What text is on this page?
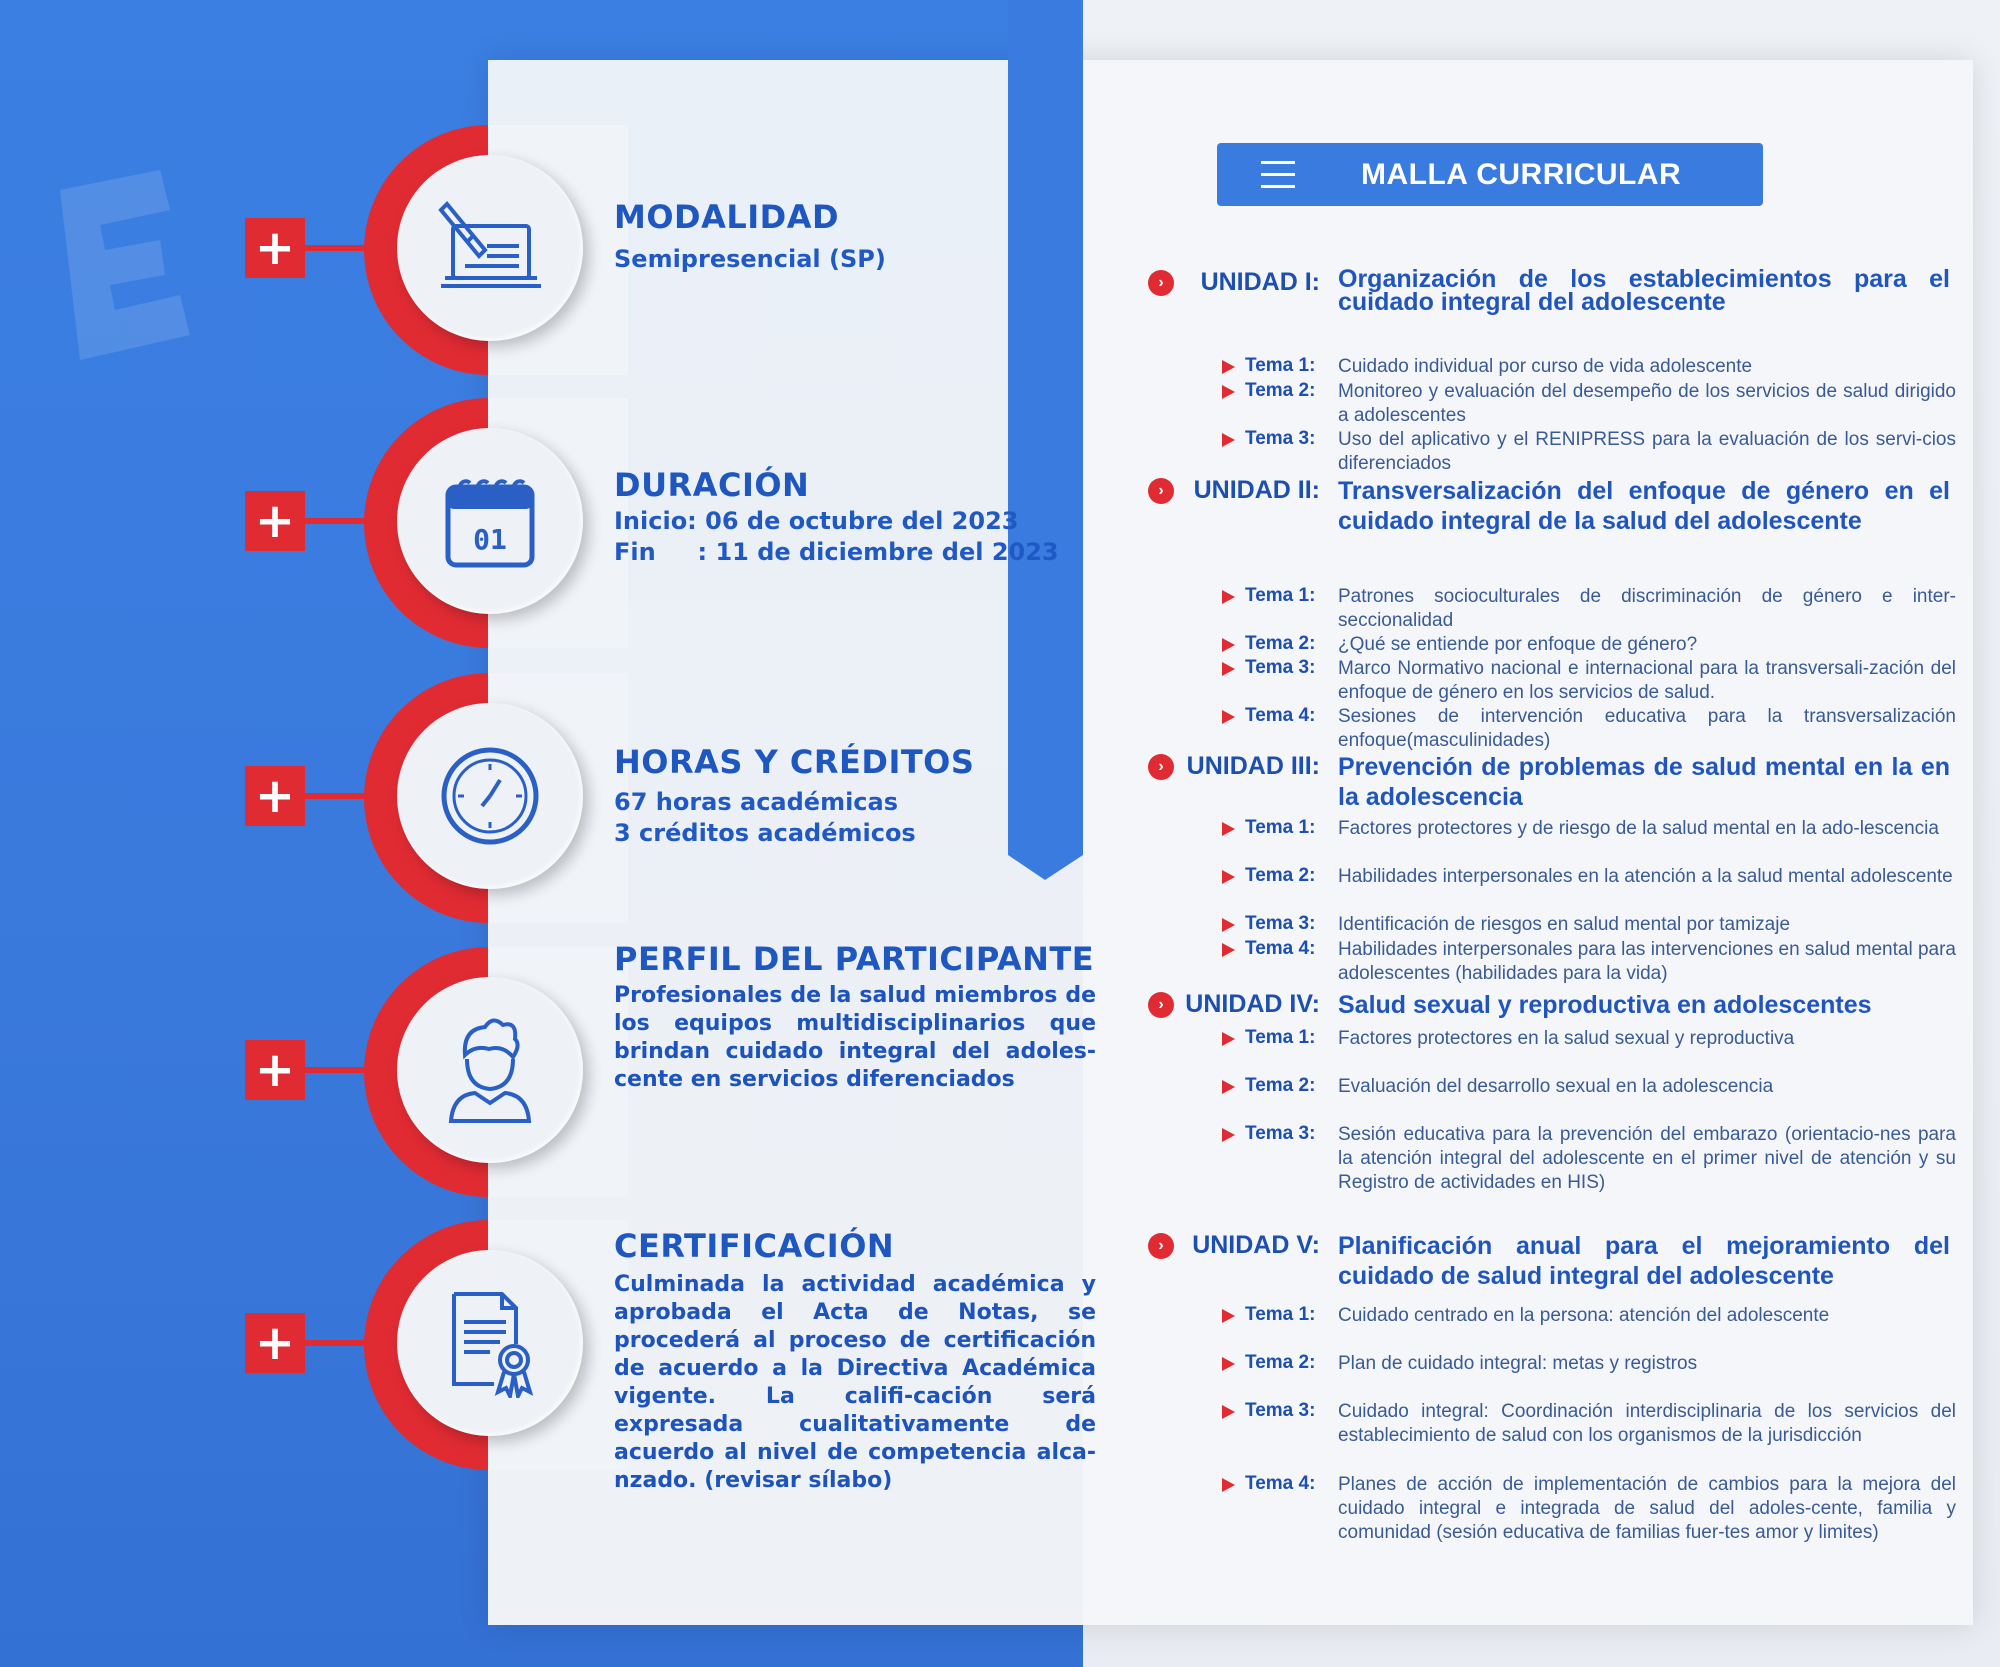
+
MODALIDAD
Semipresencial (SP)
+	01
DURACIÓN
Inicio: 06 de octubre del 2023
Fin     : 11 de diciembre del 2023
+
HORAS Y CRÉDITOS
67 horas académicas
3 créditos académicos
+
PERFIL DEL PARTICIPANTE
Profesionales de la salud miembros de los equipos multidisciplinarios que brindan cuidado integral del adoles-cente en servicios diferenciados
+
CERTIFICACIÓN
Culminada la actividad académica y aprobada el Acta de Notas, se procederá al proceso de certificación de acuerdo a la Directiva Académica vigente. La califi-cación será expresada cualitativamente de acuerdo al nivel de competencia alca-nzado. (revisar sílabo)
MALLA CURRICULAR
›	UNIDAD I: Organización de los establecimientos para el cuidado integral del adolescente
Tema 1: Cuidado individual por curso de vida adolescente
Tema 2: Monitoreo y evaluación del desempeño de los servicios de salud dirigido a adolescentes
Tema 3: Uso del aplicativo y el RENIPRESS para la evaluación de los servi-cios diferenciados
›	UNIDAD II: Transversalización del enfoque de género en el cuidado integral de la salud del adolescente
Tema 1: Patrones socioculturales de discriminación de género e inter-seccionalidad
Tema 2: ¿Qué se entiende por enfoque de género?
Tema 3: Marco Normativo nacional e internacional para la transversali-zación del enfoque de género en los servicios de salud.
Tema 4: Sesiones de intervención educativa para la transversalización enfoque(masculinidades)
› UNIDAD III: Prevención de problemas de salud mental en la en la adolescencia
Tema 1: Factores protectores y de riesgo de la salud mental en la ado-lescencia
Tema 2: Habilidades interpersonales en la atención a la salud mental adolescente
Tema 3: Identificación de riesgos en salud mental por tamizaje
Tema 4: Habilidades interpersonales para las intervenciones en salud mental para adolescentes (habilidades para la vida)
› UNIDAD IV: Salud sexual y reproductiva en adolescentes
Tema 1: Factores protectores en la salud sexual y reproductiva
Tema 2: Evaluación del desarrollo sexual en la adolescencia
Tema 3: Sesión educativa para la prevención del embarazo (orientacio-nes para la atención integral del adolescente en el primer nivel de atención y su Registro de actividades en HIS)
›	UNIDAD V: Planificación anual para el mejoramiento del cuidado de salud integral del adolescente
Tema 1: Cuidado centrado en la persona: atención del adolescente
Tema 2: Plan de cuidado integral: metas y registros
Tema 3: Cuidado integral: Coordinación interdisciplinaria de los servicios del establecimiento de salud con los organismos de la jurisdicción
Tema 4: Planes de acción de implementación de cambios para la mejora del cuidado integral e integrada de salud del adoles-cente, familia y comunidad (sesión educativa de familias fuer-tes amor y limites)
